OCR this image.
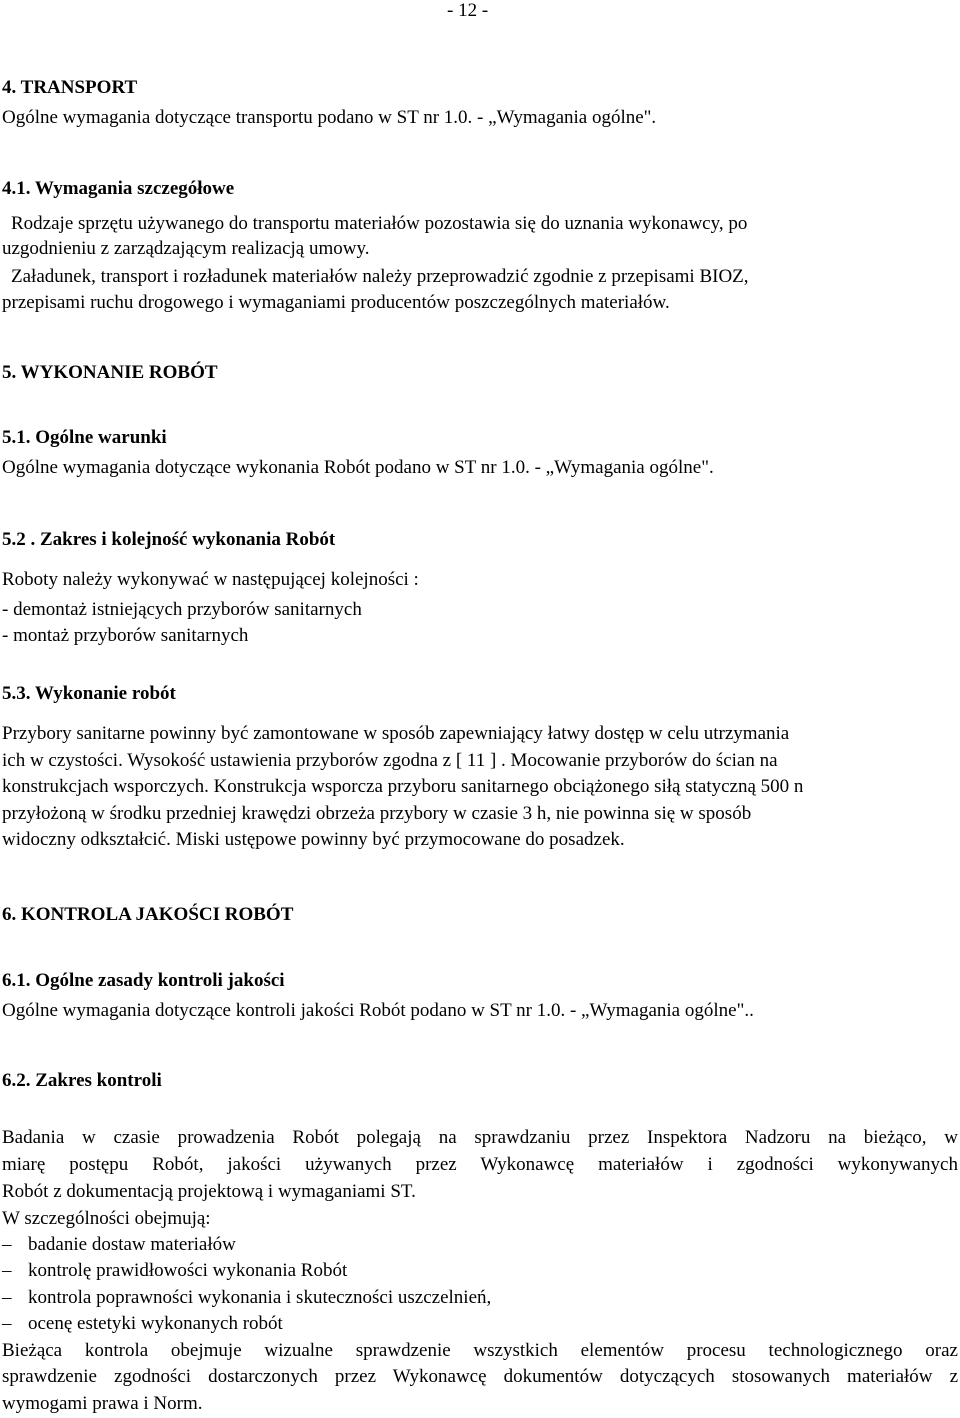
- 12 -
4. TRANSPORT
Ogólne wymagania dotyczące transportu podano w ST nr 1.0. - „Wymagania ogólne".
4.1. Wymagania szczegółowe
Rodzaje sprzętu używanego do transportu materiałów pozostawia się do uznania wykonawcy, po
uzgodnieniu z zarządzającym realizacją umowy.
Załadunek, transport i rozładunek materiałów należy przeprowadzić zgodnie z przepisami BIOZ,
przepisami ruchu drogowego i wymaganiami producentów poszczególnych materiałów.
5. WYKONANIE ROBÓT
5.1. Ogólne warunki
Ogólne wymagania dotyczące wykonania Robót podano w ST nr 1.0. - „Wymagania ogólne".
5.2 . Zakres i kolejność wykonania Robót
Roboty należy wykonywać w następującej kolejności :
- demontaż istniejących przyborów sanitarnych
- montaż przyborów sanitarnych
5.3. Wykonanie robót
Przybory sanitarne powinny być zamontowane w sposób zapewniający łatwy dostęp w celu utrzymania
ich w czystości. Wysokość ustawienia przyborów zgodna z [ 11 ] . Mocowanie przyborów do ścian na
konstrukcjach wsporczych. Konstrukcja wsporcza przyboru sanitarnego obciążonego siłą statyczną 500 n
przyłożoną w środku przedniej krawędzi obrzeża przybory w czasie 3 h, nie powinna się w sposób
widoczny odkształcić. Miski ustępowe powinny być przymocowane do posadzek.
6. KONTROLA JAKOŚCI ROBÓT
6.1. Ogólne zasady kontroli jakości
Ogólne wymagania dotyczące kontroli jakości Robót podano w ST nr 1.0. - „Wymagania ogólne"..
6.2. Zakres kontroli
Badania w czasie prowadzenia Robót polegają na sprawdzaniu przez Inspektora Nadzoru na bieżąco, w
miarę postępu Robót, jakości używanych przez Wykonawcę materiałów i zgodności wykonywanych
Robót z dokumentacją projektową i wymaganiami ST.
W szczególności obejmują:
– badanie dostaw materiałów
– kontrolę prawidłowości wykonania Robót
– kontrola poprawności wykonania i skuteczności uszczelnień,
– ocenę estetyki wykonanych robót
Bieżąca kontrola obejmuje wizualne sprawdzenie wszystkich elementów procesu technologicznego oraz
sprawdzenie zgodności dostarczonych przez Wykonawcę dokumentów dotyczących stosowanych materiałów z
wymogami prawa i Norm.
